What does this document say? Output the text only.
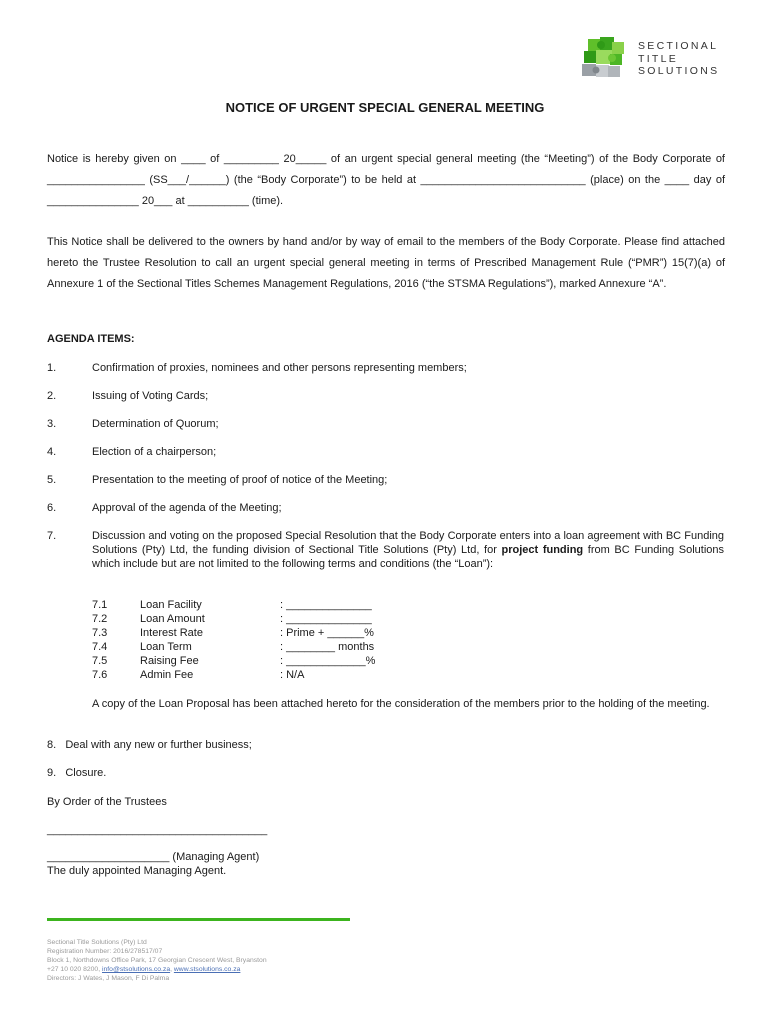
SECTIONAL
TITLE
SOLUTIONS
NOTICE OF URGENT SPECIAL GENERAL MEETING
Notice is hereby given on ____ of _________ 20_____ of an urgent special general meeting (the “Meeting”) of the Body Corporate of ________________ (SS___/______) (the “Body Corporate”) to be held at ___________________________ (place) on the ____ day of _______________ 20___ at __________ (time).
This Notice shall be delivered to the owners by hand and/or by way of email to the members of the Body Corporate. Please find attached hereto the Trustee Resolution to call an urgent special general meeting in terms of Prescribed Management Rule (“PMR”) 15(7)(a) of Annexure 1 of the Sectional Titles Schemes Management Regulations, 2016 (“the STSMA Regulations”), marked Annexure “A”.
AGENDA ITEMS:
1.	Confirmation of proxies, nominees and other persons representing members;
2.	Issuing of Voting Cards;
3.	Determination of Quorum;
4.	Election of a chairperson;
5.	Presentation to the meeting of proof of notice of the Meeting;
6.	Approval of the agenda of the Meeting;
7.	Discussion and voting on the proposed Special Resolution that the Body Corporate enters into a loan agreement with BC Funding Solutions (Pty) Ltd, the funding division of Sectional Title Solutions (Pty) Ltd, for project funding from BC Funding Solutions which include but are not limited to the following terms and conditions (the “Loan”):
7.1	Loan Facility	: ______________
7.2	Loan Amount	: ______________
7.3	Interest Rate	: Prime + ______%
7.4	Loan Term	: ________ months
7.5	Raising Fee	: _____________%
7.6	Admin Fee	: N/A
A copy of the Loan Proposal has been attached hereto for the consideration of the members prior to the holding of the meeting.
8.   Deal with any new or further business;
9.   Closure.
By Order of the Trustees
____________________________________
____________________ (Managing Agent)
The duly appointed Managing Agent.
Sectional Title Solutions (Pty) Ltd
Registration Number: 2016/278517/07
Block 1, Northdowns Office Park, 17 Georgian Crescent West, Bryanston
+27 10 020 8200, info@stsolutions.co.za, www.stsolutions.co.za
Directors: J Wates, J Mason, F Di Palma
